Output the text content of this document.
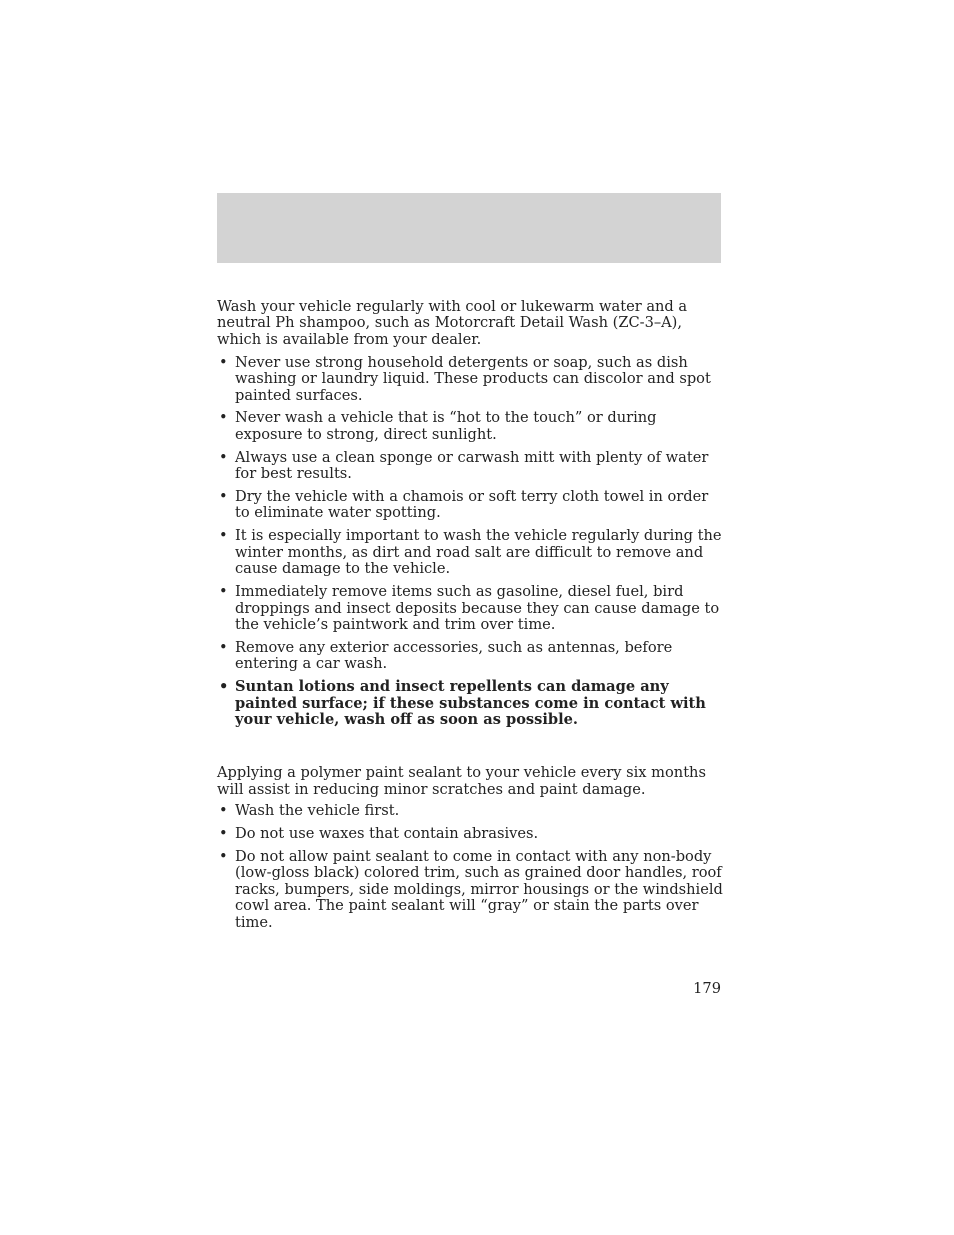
Wash your vehicle regularly with cool or lukewarm water and a neutral Ph shampoo, such as Motorcraft Detail Wash (ZC-3–A), which is available from your dealer.

• Never use strong household detergents or soap, such as dish washing or laundry liquid. These products can discolor and spot painted surfaces.
• Never wash a vehicle that is “hot to the touch” or during exposure to strong, direct sunlight.
• Always use a clean sponge or carwash mitt with plenty of water for best results.
• Dry the vehicle with a chamois or soft terry cloth towel in order to eliminate water spotting.
• It is especially important to wash the vehicle regularly during the winter months, as dirt and road salt are difficult to remove and cause damage to the vehicle.
• Immediately remove items such as gasoline, diesel fuel, bird droppings and insect deposits because they can cause damage to the vehicle’s paintwork and trim over time.
• Remove any exterior accessories, such as antennas, before entering a car wash.
• Suntan lotions and insect repellents can damage any painted surface; if these substances come in contact with your vehicle, wash off as soon as possible.

Applying a polymer paint sealant to your vehicle every six months will assist in reducing minor scratches and paint damage.

• Wash the vehicle first.
• Do not use waxes that contain abrasives.
• Do not allow paint sealant to come in contact with any non-body (low-gloss black) colored trim, such as grained door handles, roof racks, bumpers, side moldings, mirror housings or the windshield cowl area. The paint sealant will “gray” or stain the parts over time.
179
